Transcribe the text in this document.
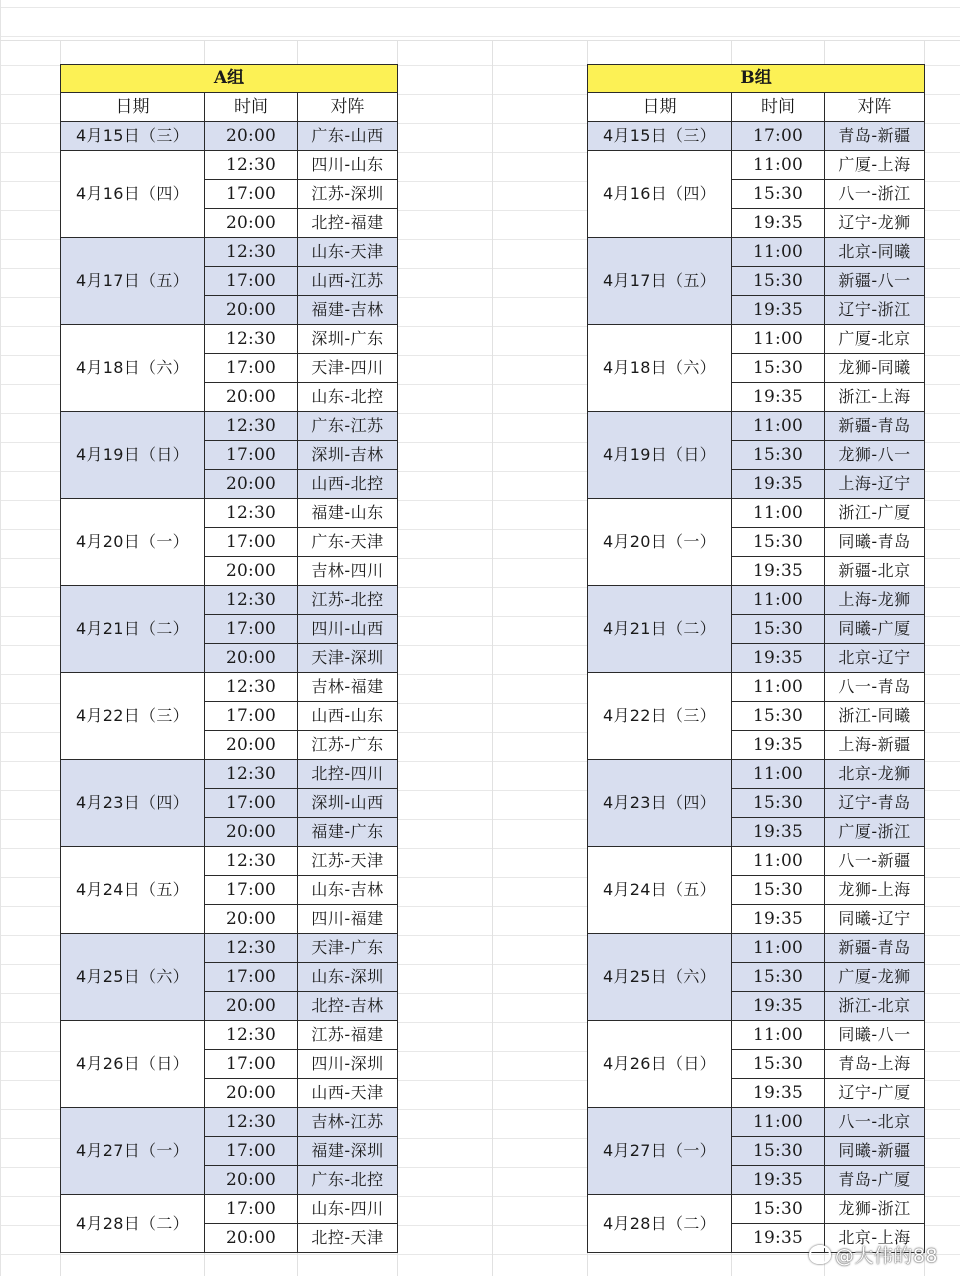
A组		
日期	时间	对阵
4月15日（三）	20:00	广东-山西
4月16日（四）	12:30	四川-山东
	17:00	江苏-深圳
	20:00	北控-福建
4月17日（五）	12:30	山东-天津
	17:00	山西-江苏
	20:00	福建-吉林
4月18日（六）	12:30	深圳-广东
	17:00	天津-四川
	20:00	山东-北控
4月19日（日）	12:30	广东-江苏
	17:00	深圳-吉林
	20:00	山西-北控
4月20日（一）	12:30	福建-山东
	17:00	广东-天津
	20:00	吉林-四川
4月21日（二）	12:30	江苏-北控
	17:00	四川-山西
	20:00	天津-深圳
4月22日（三）	12:30	吉林-福建
	17:00	山西-山东
	20:00	江苏-广东
4月23日（四）	12:30	北控-四川
	17:00	深圳-山西
	20:00	福建-广东
4月24日（五）	12:30	江苏-天津
	17:00	山东-吉林
	20:00	四川-福建
4月25日（六）	12:30	天津-广东
	17:00	山东-深圳
	20:00	北控-吉林
4月26日（日）	12:30	江苏-福建
	17:00	四川-深圳
	20:00	山西-天津
4月27日（一）	12:30	吉林-江苏
	17:00	福建-深圳
	20:00	广东-北控
4月28日（二）	17:00	山东-四川
	20:00	北控-天津
B组		
日期	时间	对阵
4月15日（三）	17:00	青岛-新疆
4月16日（四）	11:00	广厦-上海
	15:30	八一-浙江
	19:35	辽宁-龙狮
4月17日（五）	11:00	北京-同曦
	15:30	新疆-八一
	19:35	辽宁-浙江
4月18日（六）	11:00	广厦-北京
	15:30	龙狮-同曦
	19:35	浙江-上海
4月19日（日）	11:00	新疆-青岛
	15:30	龙狮-八一
	19:35	上海-辽宁
4月20日（一）	11:00	浙江-广厦
	15:30	同曦-青岛
	19:35	新疆-北京
4月21日（二）	11:00	上海-龙狮
	15:30	同曦-广厦
	19:35	北京-辽宁
4月22日（三）	11:00	八一-青岛
	15:30	浙江-同曦
	19:35	上海-新疆
4月23日（四）	11:00	北京-龙狮
	15:30	辽宁-青岛
	19:35	广厦-浙江
4月24日（五）	11:00	八一-新疆
	15:30	龙狮-上海
	19:35	同曦-辽宁
4月25日（六）	11:00	新疆-青岛
	15:30	广厦-龙狮
	19:35	浙江-北京
4月26日（日）	11:00	同曦-八一
	15:30	青岛-上海
	19:35	辽宁-广厦
4月27日（一）	11:00	八一-北京
	15:30	同曦-新疆
	19:35	青岛-广厦
4月28日（二）	15:30	龙狮-浙江
	19:35	北京-上海
@大伟的88
